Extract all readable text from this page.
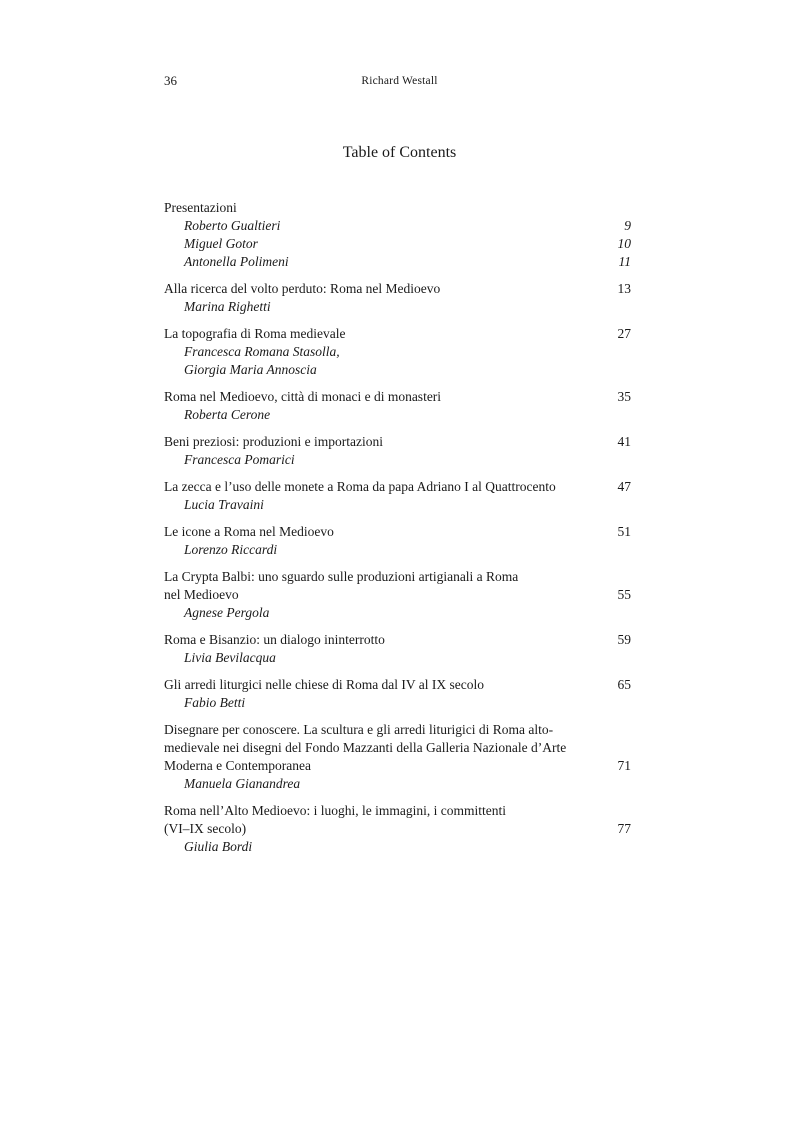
36	Richard Westall
Table of Contents
Presentazioni
Roberto Gualtieri	9
Miguel Gotor	10
Antonella Polimeni	11
Alla ricerca del volto perduto: Roma nel Medioevo	13
Marina Righetti
La topografia di Roma medievale	27
Francesca Romana Stasolla,
Giorgia Maria Annoscia
Roma nel Medioevo, città di monaci e di monasteri	35
Roberta Cerone
Beni preziosi: produzioni e importazioni	41
Francesca Pomarici
La zecca e l’uso delle monete a Roma da papa Adriano I al Quattrocento	47
Lucia Travaini
Le icone a Roma nel Medioevo	51
Lorenzo Riccardi
La Crypta Balbi: uno sguardo sulle produzioni artigianali a Roma
nel Medioevo	55
Agnese Pergola
Roma e Bisanzio: un dialogo ininterrotto	59
Livia Bevilacqua
Gli arredi liturgici nelle chiese di Roma dal IV al IX secolo	65
Fabio Betti
Disegnare per conoscere. La scultura e gli arredi liturigici di Roma alto-
medievale nei disegni del Fondo Mazzanti della Galleria Nazionale d’Arte
Moderna e Contemporanea	71
Manuela Gianandrea
Roma nell’Alto Medioevo: i luoghi, le immagini, i committenti
(VI–IX secolo)	77
Giulia Bordi
